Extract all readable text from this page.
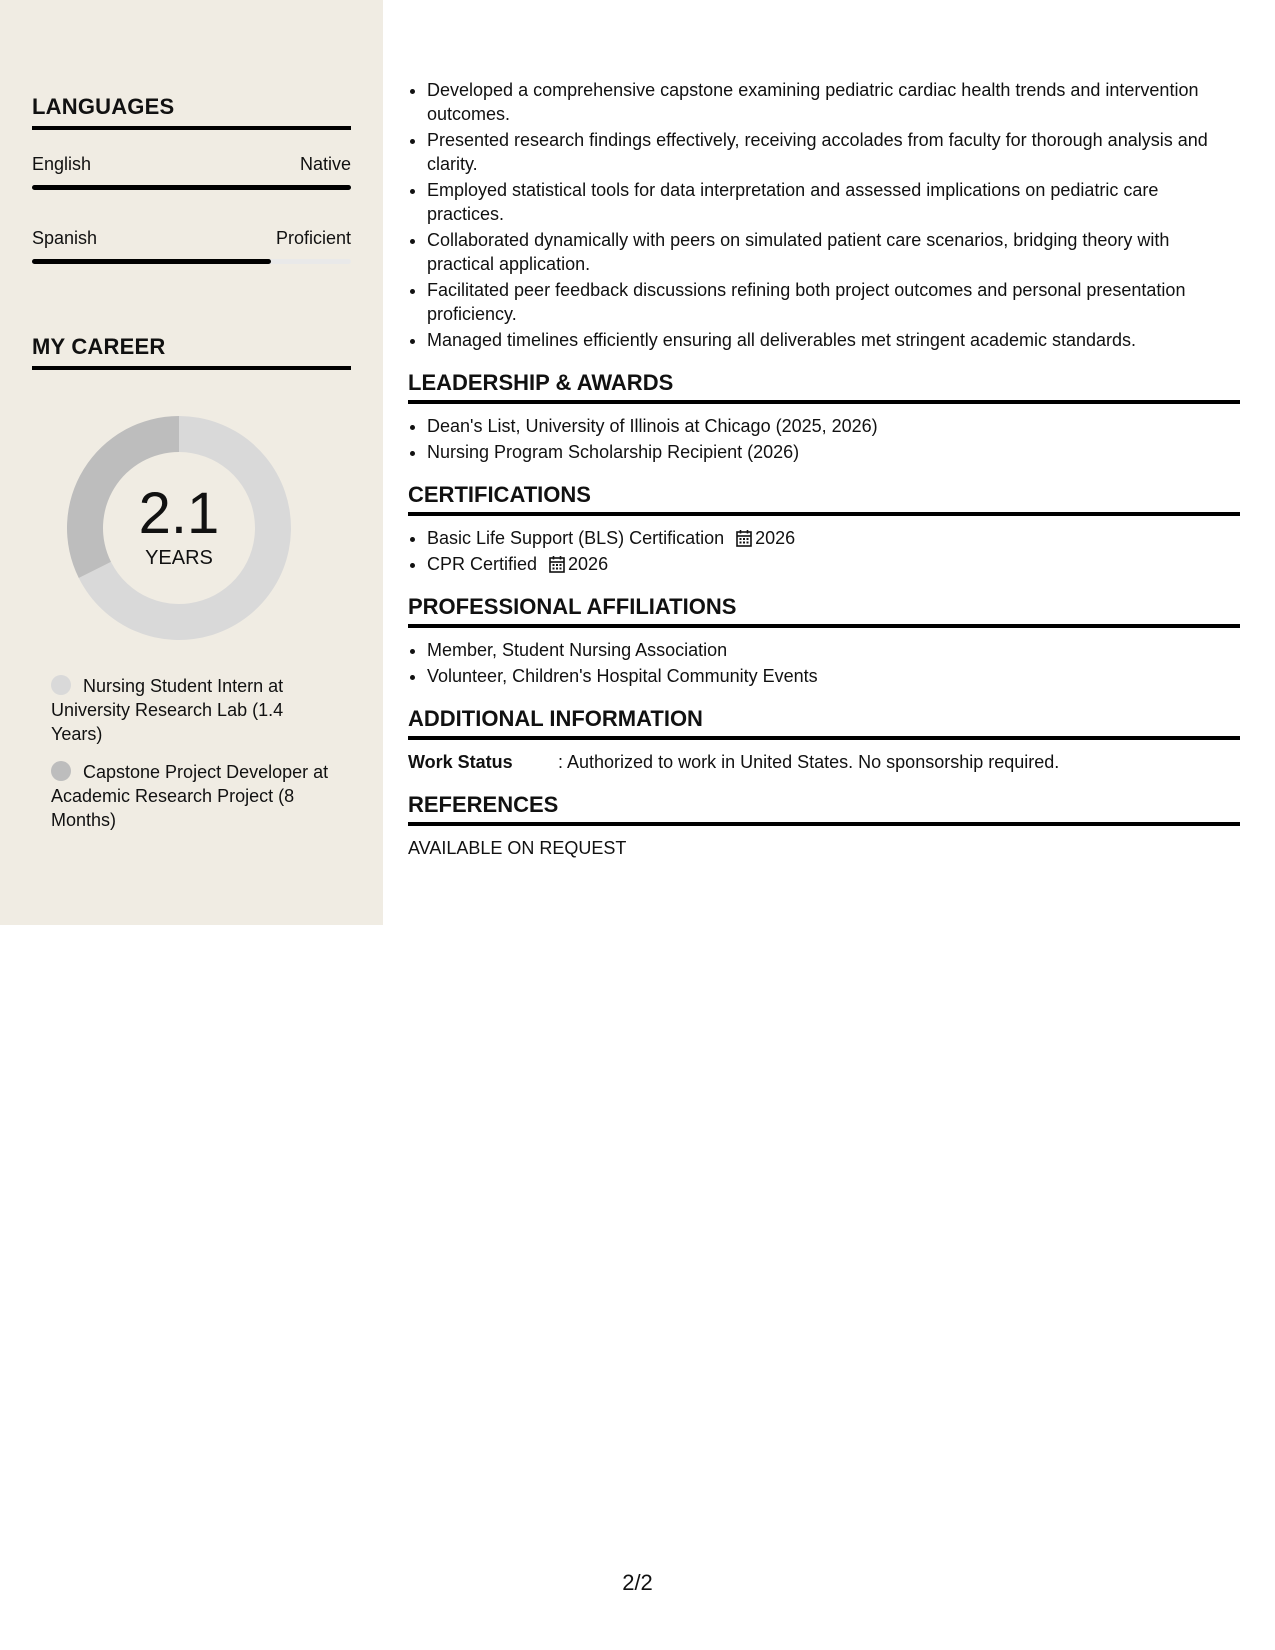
LANGUAGES
English	Native
Spanish	Proficient
MY CAREER
2.1
YEARS
Nursing Student Intern at University Research Lab (1.4 Years)
Capstone Project Developer at Academic Research Project (8 Months)
• Developed a comprehensive capstone examining pediatric cardiac health trends and intervention outcomes.
• Presented research findings effectively, receiving accolades from faculty for thorough analysis and clarity.
• Employed statistical tools for data interpretation and assessed implications on pediatric care practices.
• Collaborated dynamically with peers on simulated patient care scenarios, bridging theory with practical application.
• Facilitated peer feedback discussions refining both project outcomes and personal presentation proficiency.
• Managed timelines efficiently ensuring all deliverables met stringent academic standards.
LEADERSHIP & AWARDS
• Dean's List, University of Illinois at Chicago (2025, 2026)
• Nursing Program Scholarship Recipient (2026)
CERTIFICATIONS
• Basic Life Support (BLS) Certification 2026
• CPR Certified 2026
PROFESSIONAL AFFILIATIONS
• Member, Student Nursing Association
• Volunteer, Children's Hospital Community Events
ADDITIONAL INFORMATION
Work Status	: Authorized to work in United States. No sponsorship required.
REFERENCES
AVAILABLE ON REQUEST
2/2
